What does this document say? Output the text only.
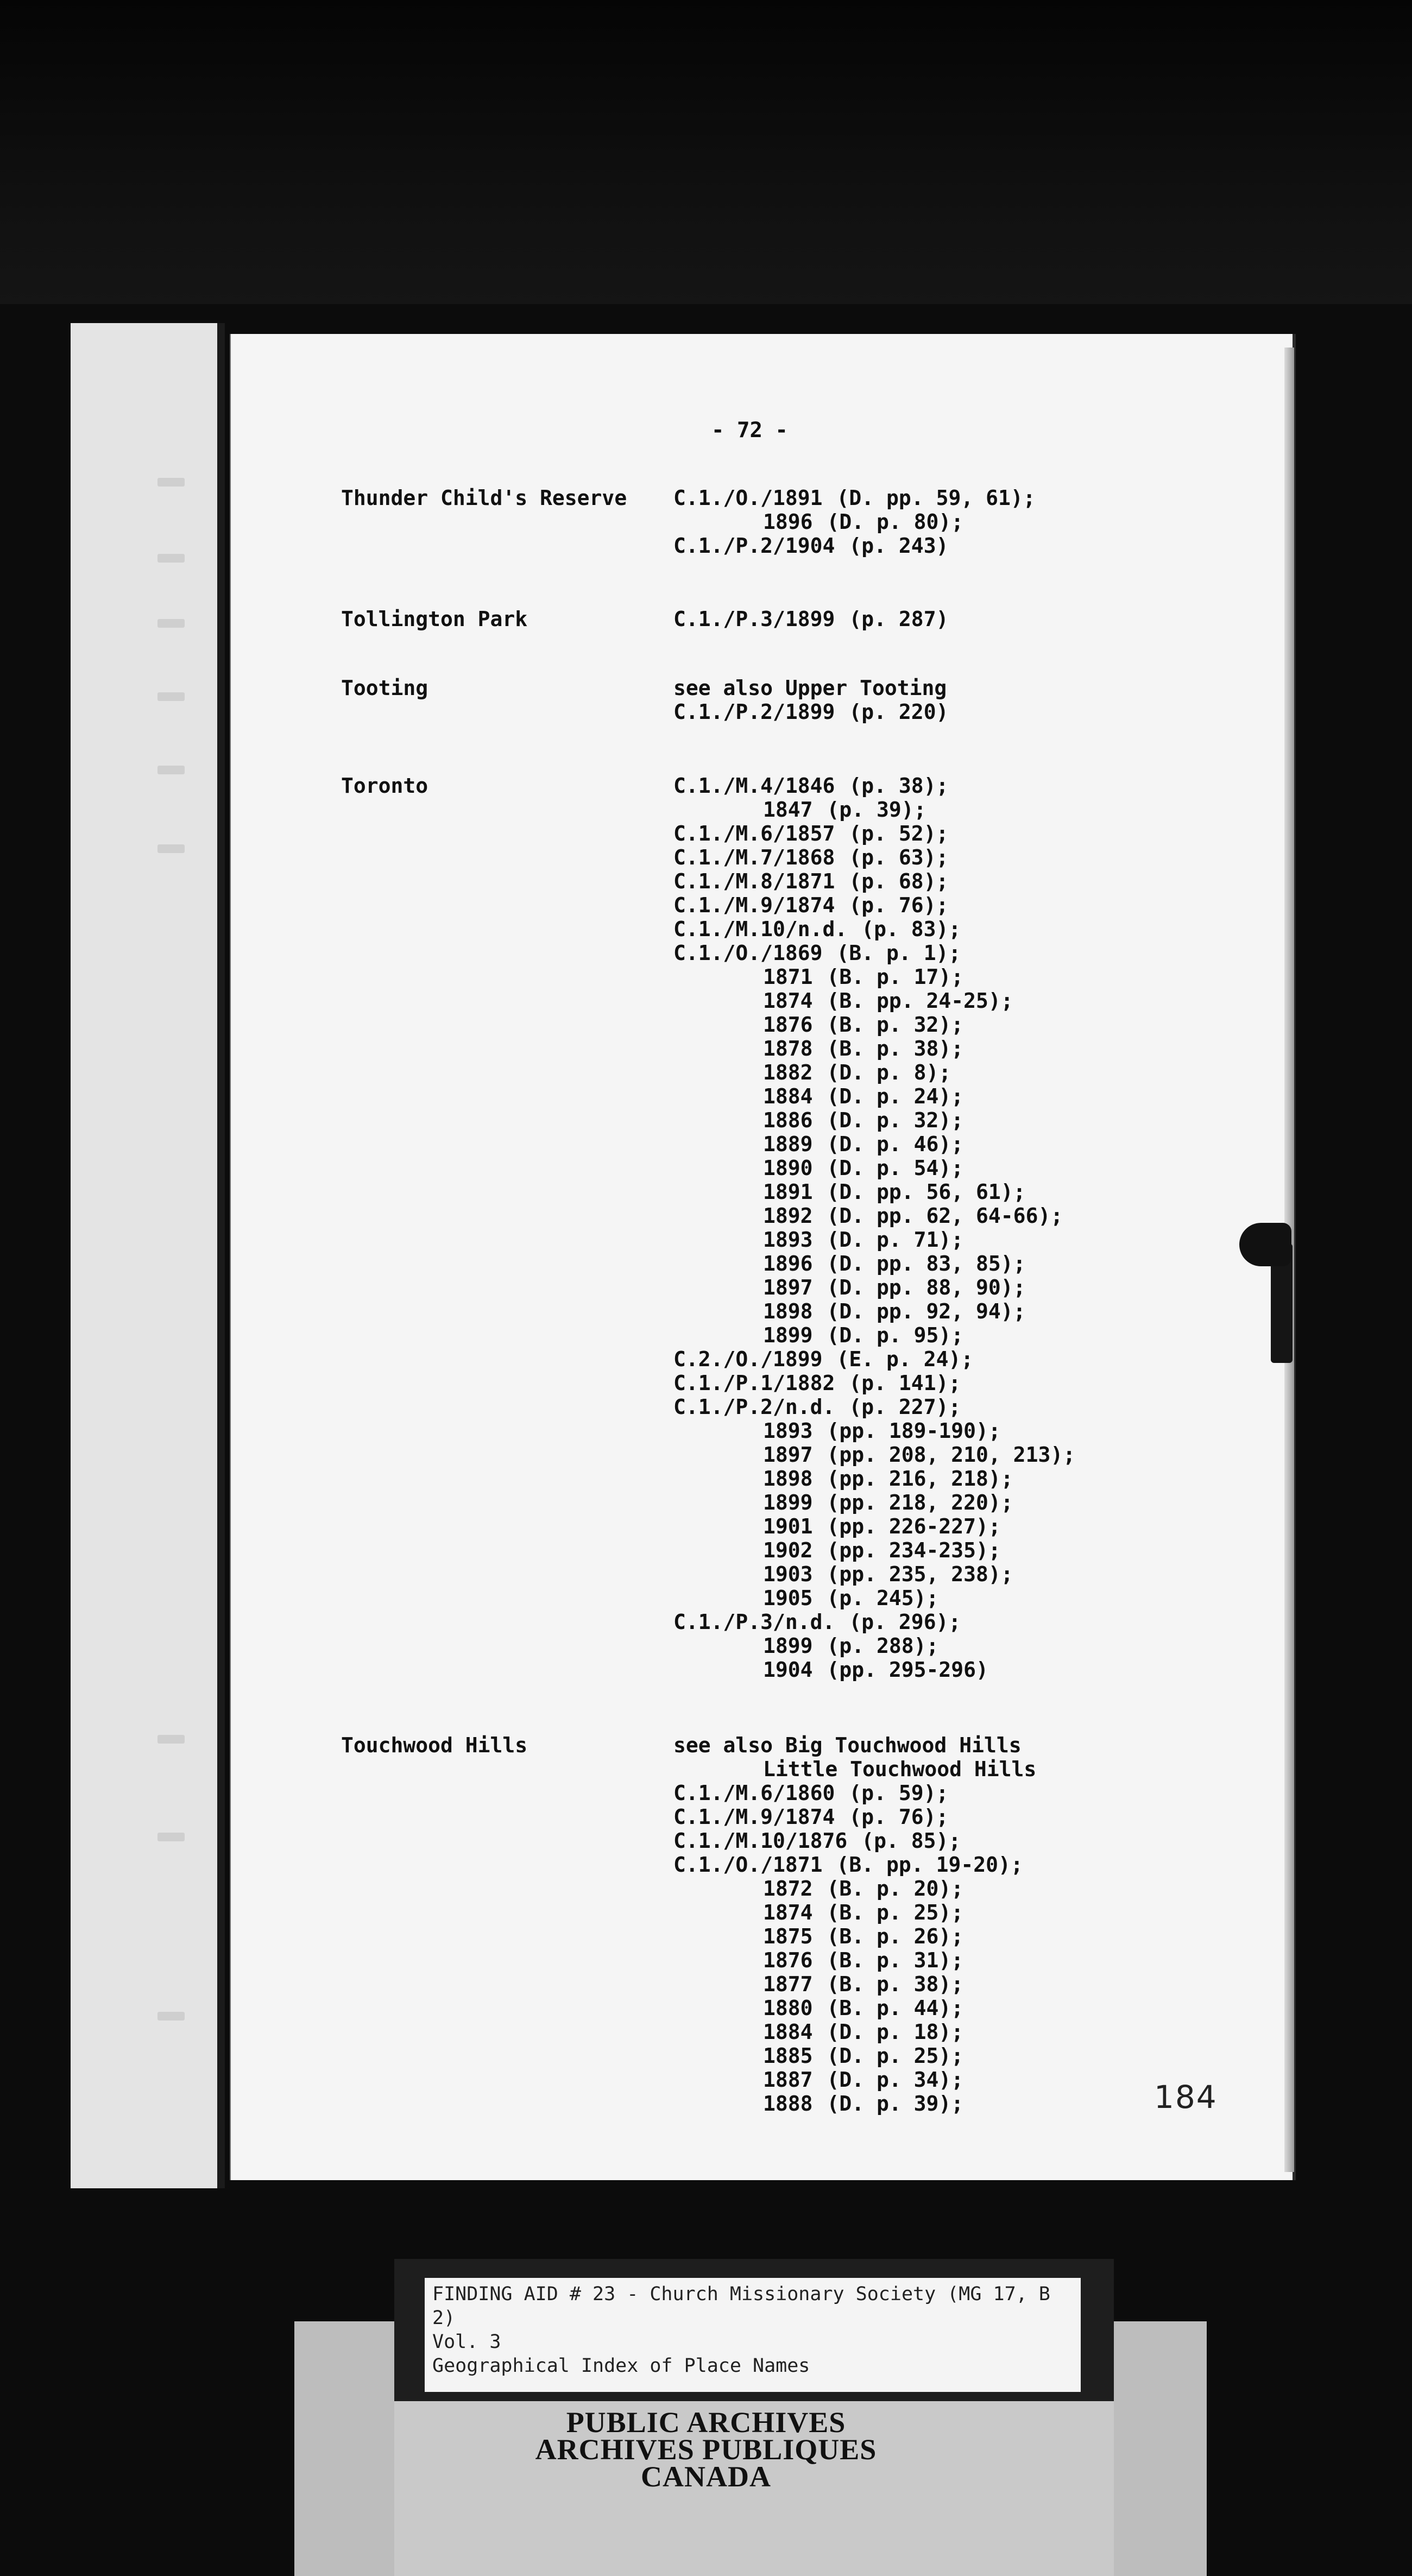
- 72 -
Thunder Child's Reserve C.1./O./1891 (D. pp. 59, 61);
1896 (D. p. 80);
C.1./P.2/1904 (p. 243)
Tollington Park	C.1./P.3/1899 (p. 287)
Tooting	see also Upper Tooting
C.1./P.2/1899 (p. 220)
Toronto	C.1./M.4/1846 (p. 38);
1847 (p. 39);
C.1./M.6/1857 (p. 52);
C.1./M.7/1868 (p. 63);
C.1./M.8/1871 (p. 68);
C.1./M.9/1874 (p. 76);
C.1./M.10/n.d. (p. 83);
C.1./O./1869 (B. p. 1);
1871 (B. p. 17);
1874 (B. pp. 24-25);
1876 (B. p. 32);
1878 (B. p. 38);
1882 (D. p. 8);
1884 (D. p. 24);
1886 (D. p. 32);
1889 (D. p. 46);
1890 (D. p. 54);
1891 (D. pp. 56, 61);
1892 (D. pp. 62, 64-66);
1893 (D. p. 71);
1896 (D. pp. 83, 85);
1897 (D. pp. 88, 90);
1898 (D. pp. 92, 94);
1899 (D. p. 95);
C.2./O./1899 (E. p. 24);
C.1./P.1/1882 (p. 141);
C.1./P.2/n.d. (p. 227);
1893 (pp. 189-190);
1897 (pp. 208, 210, 213);
1898 (pp. 216, 218);
1899 (pp. 218, 220);
1901 (pp. 226-227);
1902 (pp. 234-235);
1903 (pp. 235, 238);
1905 (p. 245);
C.1./P.3/n.d. (p. 296);
1899 (p. 288);
1904 (pp. 295-296)
Touchwood Hills	see also Big Touchwood Hills
Little Touchwood Hills
C.1./M.6/1860 (p. 59);
C.1./M.9/1874 (p. 76);
C.1./M.10/1876 (p. 85);
C.1./O./1871 (B. pp. 19-20);
1872 (B. p. 20);
1874 (B. p. 25);
1875 (B. p. 26);
1876 (B. p. 31);
1877 (B. p. 38);
1880 (B. p. 44);
1884 (D. p. 18);
1885 (D. p. 25);
1887 (D. p. 34);
1888 (D. p. 39);	184
FINDING AID # 23 - Church Missionary Society (MG 17, B 2)
Vol. 3
Geographical Index of Place Names
PUBLIC ARCHIVES
ARCHIVES PUBLIQUES
CANADA
